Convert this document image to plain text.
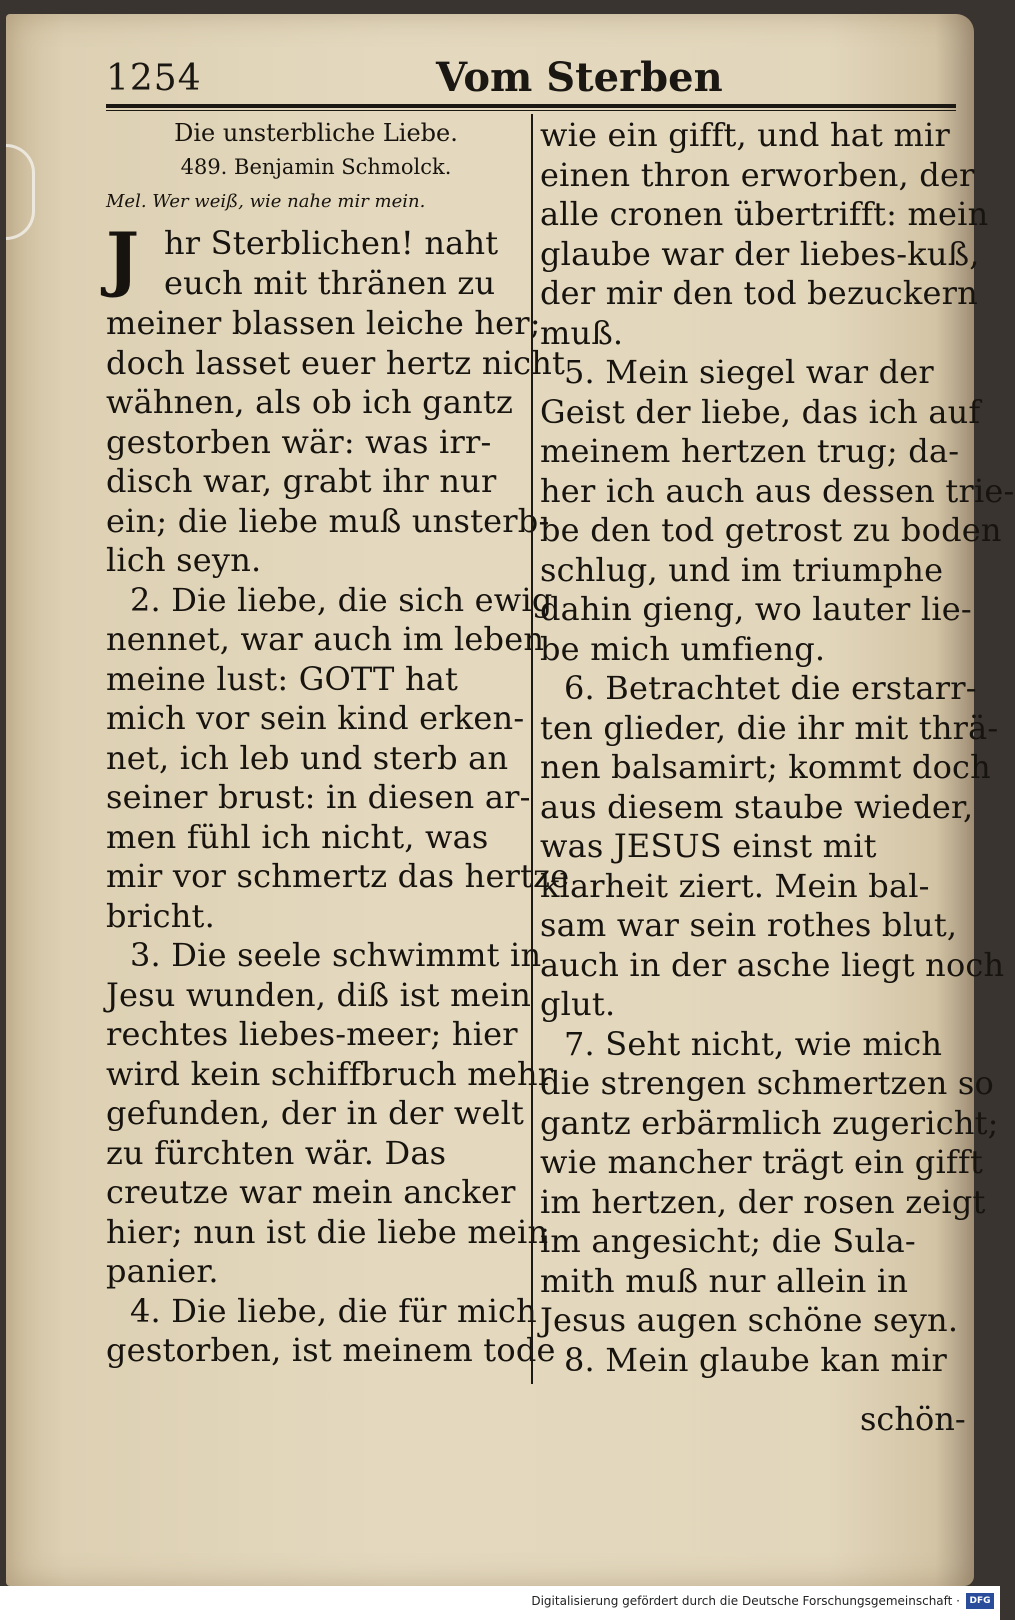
1254	Vom Sterben
Die unsterbliche Liebe.
489. Benjamin Schmolck.
Mel. Wer weiß, wie nahe mir mein.
J hr Sterblichen! naht
euch mit thränen zu
meiner blassen leiche her;
doch lasset euer hertz nicht
wähnen, als ob ich gantz
gestorben wär: was irr-
disch war, grabt ihr nur
ein; die liebe muß unsterb-
lich seyn.
2. Die liebe, die sich ewig
nennet, war auch im leben
meine lust: GOTT hat
mich vor sein kind erken-
net, ich leb und sterb an
seiner brust: in diesen ar-
men fühl ich nicht, was
mir vor schmertz das hertze
bricht.
3. Die seele schwimmt in
Jesu wunden, diß ist mein
rechtes liebes-meer; hier
wird kein schiffbruch mehr
gefunden, der in der welt
zu fürchten wär. Das
creutze war mein ancker
hier; nun ist die liebe mein
panier.
4. Die liebe, die für mich
gestorben, ist meinem tode
wie ein gifft, und hat mir
einen thron erworben, der
alle cronen übertrifft: mein
glaube war der liebes-kuß,
der mir den tod bezuckern
muß.
5. Mein siegel war der
Geist der liebe, das ich auf
meinem hertzen trug; da-
her ich auch aus dessen trie-
be den tod getrost zu boden
schlug, und im triumphe
dahin gieng, wo lauter lie-
be mich umfieng.
6. Betrachtet die erstarr-
ten glieder, die ihr mit thrä-
nen balsamirt; kommt doch
aus diesem staube wieder,
was JESUS einst mit
klarheit ziert. Mein bal-
sam war sein rothes blut,
auch in der asche liegt noch
glut.
7. Seht nicht, wie mich
die strengen schmertzen so
gantz erbärmlich zugericht;
wie mancher trägt ein gifft
im hertzen, der rosen zeigt
im angesicht; die Sula-
mith muß nur allein in
Jesus augen schöne seyn.
8. Mein glaube kan mir
schön-
Digitalisierung gefördert durch die Deutsche Forschungsgemeinschaft ·	DFG
